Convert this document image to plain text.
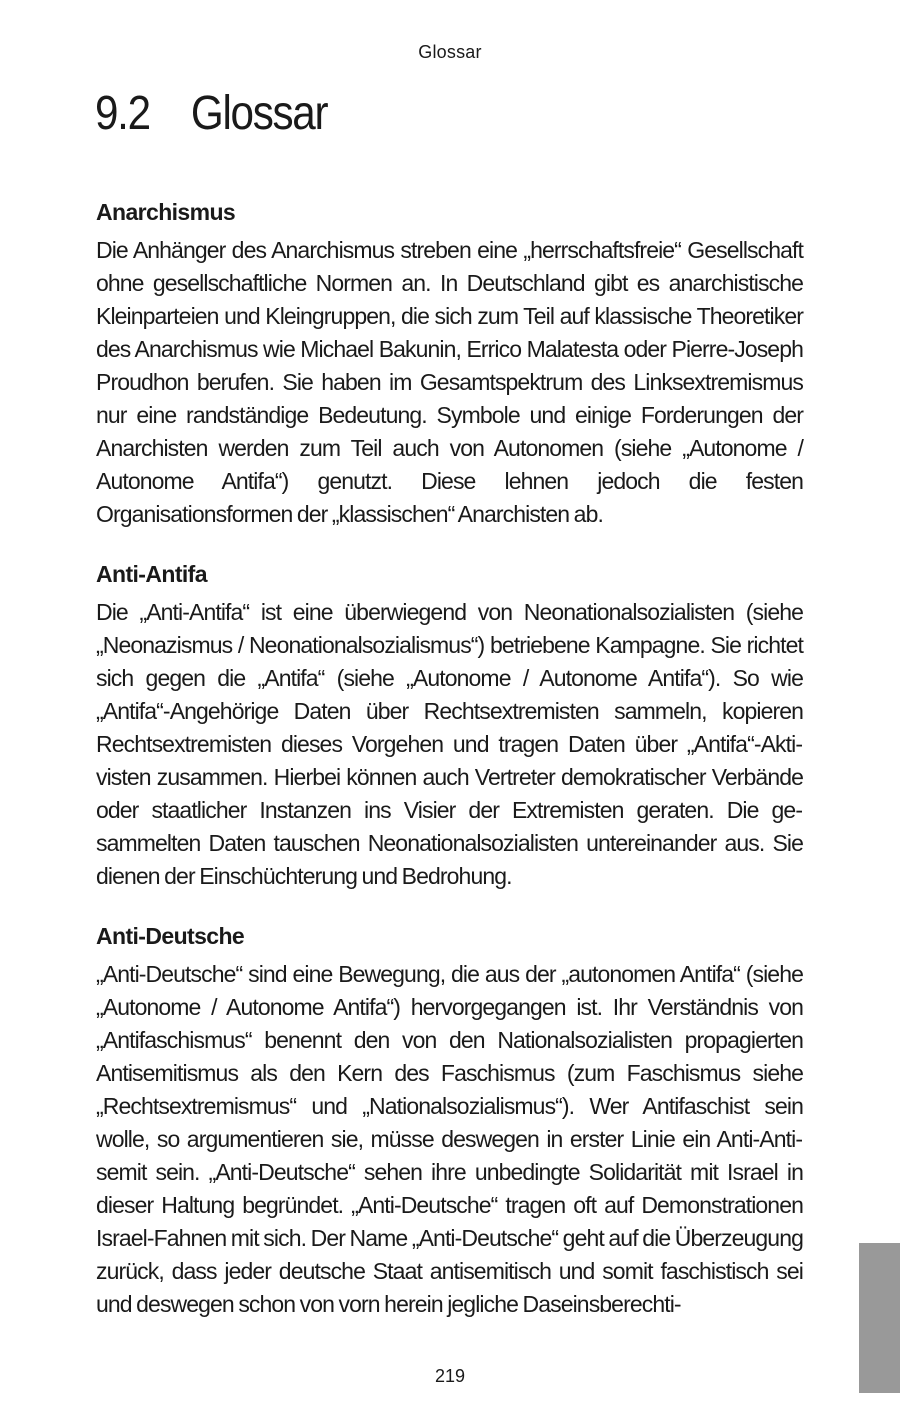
Glossar
9.2 Glossar
Anarchismus

Die Anhänger des Anarchismus streben eine „herrschaftsfreie“ Gesellschaft ohne gesellschaftliche Normen an. In Deutschland gibt es anarchistische Kleinparteien und Kleingruppen, die sich zum Teil auf klassische Theoretiker des Anarchismus wie Michael Bakunin, Errico Malatesta oder Pierre-Joseph Proudhon berufen. Sie haben im Gesamtspektrum des Linksextremismus nur eine randständige Bedeutung. Symbole und einige Forderungen der Anarchisten werden zum Teil auch von Autonomen (siehe „Autonome / Autonome Antifa“) genutzt. Diese lehnen jedoch die festen Organisationsformen der „klassischen“ Anarchisten ab.

Anti-Antifa

Die „Anti-Antifa“ ist eine überwiegend von Neonationalsozialisten (siehe „Neonazismus / Neonationalsozialismus“) betriebene Kampagne. Sie richtet sich gegen die „Antifa“ (siehe „Autonome / Autonome Antifa“). So wie „Antifa“-Angehörige Daten über Rechtsextremisten sammeln, kopieren Rechtsextremisten dieses Vorgehen und tragen Daten über „Antifa“-Aktivisten zusammen. Hierbei können auch Vertreter demokratischer Verbände oder staatlicher Instanzen ins Visier der Extremisten geraten. Die gesammelten Daten tauschen Neonationalsozialisten untereinander aus. Sie dienen der Einschüchterung und Bedrohung.

Anti-Deutsche

„Anti-Deutsche“ sind eine Bewegung, die aus der „autonomen Antifa“ (siehe „Autonome / Autonome Antifa“) hervorgegangen ist. Ihr Verständnis von „Antifaschismus“ benennt den von den Nationalsozialisten propagierten Antisemitismus als den Kern des Faschismus (zum Faschismus siehe „Rechtsextremismus“ und „Nationalsozialismus“). Wer Antifaschist sein wolle, so argumentieren sie, müsse deswegen in erster Linie ein Anti-Antisemit sein. „Anti-Deutsche“ sehen ihre unbedingte Solidarität mit Israel in dieser Haltung begründet. „Anti-Deutsche“ tragen oft auf Demonstrationen Israel-Fahnen mit sich. Der Name „Anti-Deutsche“ geht auf die Überzeugung zurück, dass jeder deutsche Staat antisemitisch und somit faschistisch sei und deswegen schon von vorn herein jegliche Daseinsberechti-

219
